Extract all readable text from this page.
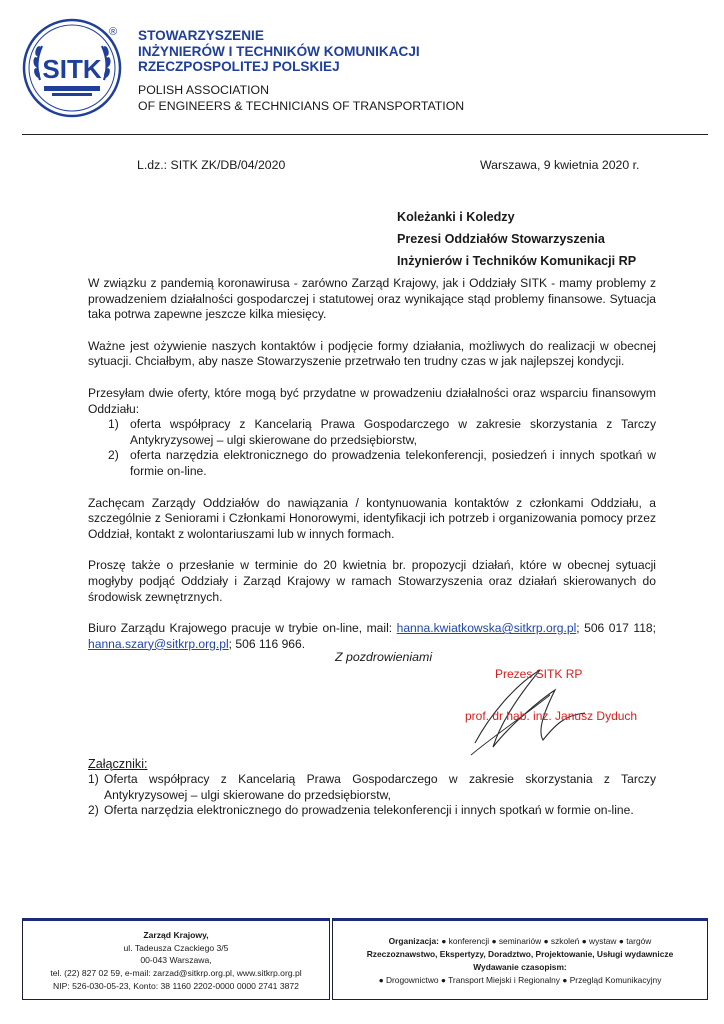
SITK
® STOWARZYSZENIE
INŻYNIERÓW I TECHNIKÓW KOMUNIKACJI
RZECZPOSPOLITEJ POLSKIEJ
POLISH ASSOCIATION
OF ENGINEERS & TECHNICIANS OF TRANSPORTATION
L.dz.: SITK ZK/DB/04/2020	Warszawa, 9 kwietnia 2020 r.
Koleżanki i Koledzy
Prezesi Oddziałów Stowarzyszenia
Inżynierów i Techników Komunikacji RP

W związku z pandemią koronawirusa - zarówno Zarząd Krajowy, jak i Oddziały SITK - mamy problemy z prowadzeniem działalności gospodarczej i statutowej oraz wynikające stąd problemy finansowe. Sytuacja taka potrwa zapewne jeszcze kilka miesięcy.

Ważne jest ożywienie naszych kontaktów i podjęcie formy działania, możliwych do realizacji w obecnej sytuacji. Chciałbym, aby nasze Stowarzyszenie przetrwało ten trudny czas w jak najlepszej kondycji.

Przesyłam dwie oferty, które mogą być przydatne w prowadzeniu działalności oraz wsparciu finansowym Oddziału:
1) oferta współpracy z Kancelarią Prawa Gospodarczego w zakresie skorzystania z Tarczy Antykryzysowej – ulgi skierowane do przedsiębiorstw,
2) oferta narzędzia elektronicznego do prowadzenia telekonferencji, posiedzeń i innych spotkań w formie on-line.

Zachęcam Zarządy Oddziałów do nawiązania / kontynuowania kontaktów z członkami Oddziału, a szczególnie z Seniorami i Członkami Honorowymi, identyfikacji ich potrzeb i organizowania pomocy przez Oddział, kontakt z wolontariuszami lub w innych formach.

Proszę także o przesłanie w terminie do 20 kwietnia br. propozycji działań, które w obecnej sytuacji mogłyby podjąć Oddziały i Zarząd Krajowy w ramach Stowarzyszenia oraz działań skierowanych do środowisk zewnętrznych.

Biuro Zarządu Krajowego pracuje w trybie on-line, mail: hanna.kwiatkowska@sitkrp.org.pl; 506 017 118; hanna.szary@sitkrp.org.pl; 506 116 966.

Z pozdrowieniami
Prezes SITK RP
prof. dr hab. inż. Janusz Dyduch
Załączniki:
1) Oferta współpracy z Kancelarią Prawa Gospodarczego w zakresie skorzystania z Tarczy Antykryzysowej – ulgi skierowane do przedsiębiorstw,
2) Oferta narzędzia elektronicznego do prowadzenia telekonferencji i innych spotkań w formie on-line.
Zarząd Krajowy,
ul. Tadeusza Czackiego 3/5
00-043 Warszawa,
tel. (22) 827 02 59, e-mail: zarzad@sitkrp.org.pl, www.sitkrp.org.pl
NIP: 526-030-05-23, Konto: 38 1160 2202-0000 0000 2741 3872
Organizacja: ● konferencji ● seminariów ● szkoleń ● wystaw ● targów
Rzeczoznawstwo, Ekspertyzy, Doradztwo, Projektowanie, Usługi wydawnicze
Wydawanie czasopism:
● Drogownictwo ● Transport Miejski i Regionalny ● Przegląd Komunikacyjny
